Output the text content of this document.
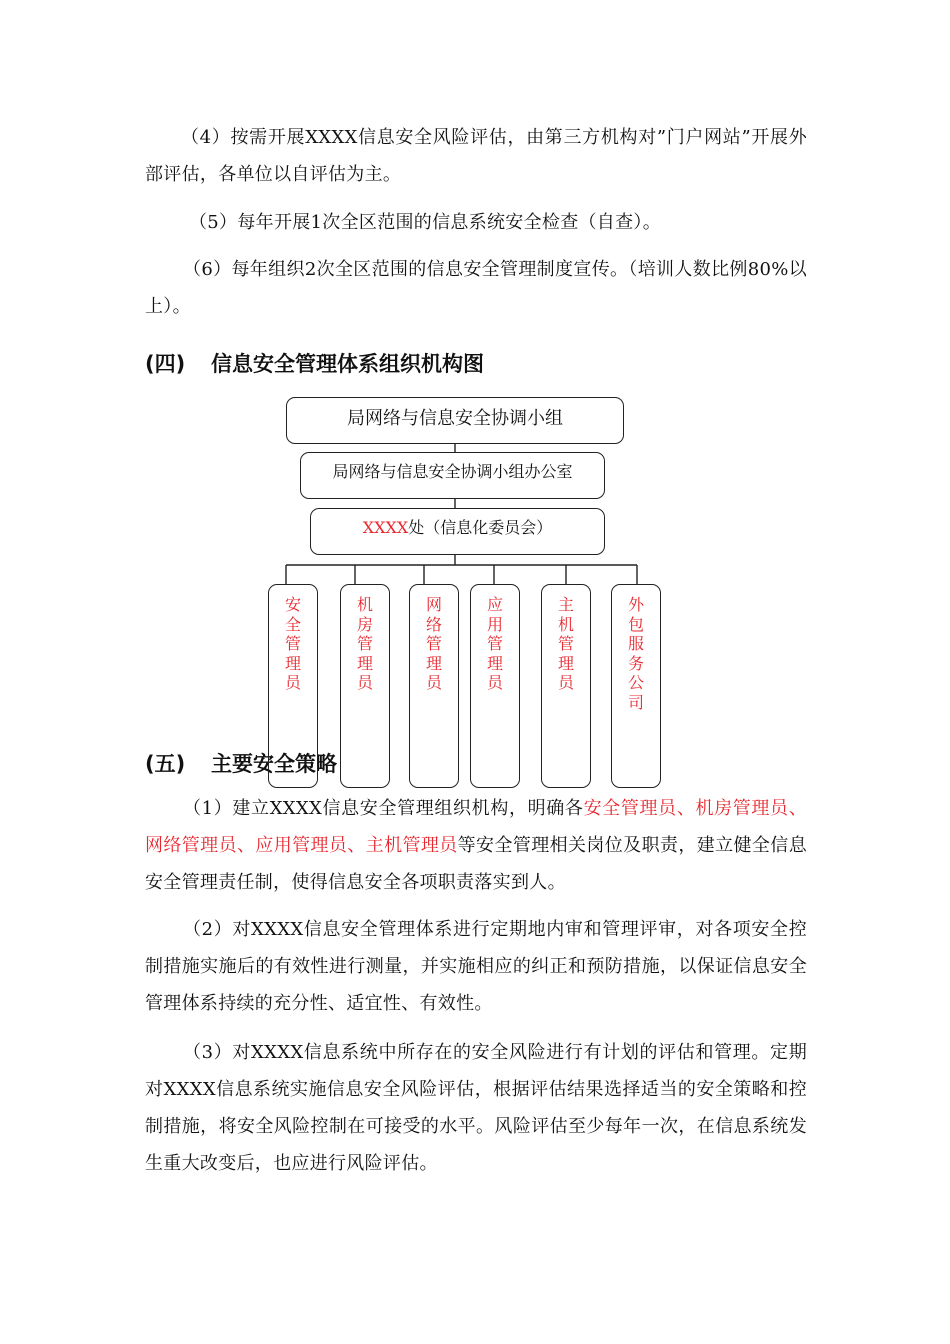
（4）按需开展XXXX信息安全风险评估，由第三方机构对”门户网站”开展外部评估，各单位以自评估为主。

（5）每年开展1次全区范围的信息系统安全检查（自查）。

（6）每年组织2次全区范围的信息安全管理制度宣传。（培训人数比例80%以上）。

(四) 信息安全管理体系组织机构图
(五) 主要安全策略
局网络与信息安全协调小组
局网络与信息安全协调小组办公室
XXXX处（信息化委员会）
安全管理员
机房管理员
网络管理员
应用管理员
主机管理员
外包服务公司

（1）建立XXXX信息安全管理组织机构，明确各安全管理员、机房管理员、网络管理员、应用管理员、主机管理员等安全管理相关岗位及职责，建立健全信息安全管理责任制，使得信息安全各项职责落实到人。

（2）对XXXX信息安全管理体系进行定期地内审和管理评审，对各项安全控制措施实施后的有效性进行测量，并实施相应的纠正和预防措施，以保证信息安全管理体系持续的充分性、适宜性、有效性。

（3）对XXXX信息系统中所存在的安全风险进行有计划的评估和管理。定期对XXXX信息系统实施信息安全风险评估，根据评估结果选择适当的安全策略和控制措施，将安全风险控制在可接受的水平。风险评估至少每年一次，在信息系统发生重大改变后，也应进行风险评估。
